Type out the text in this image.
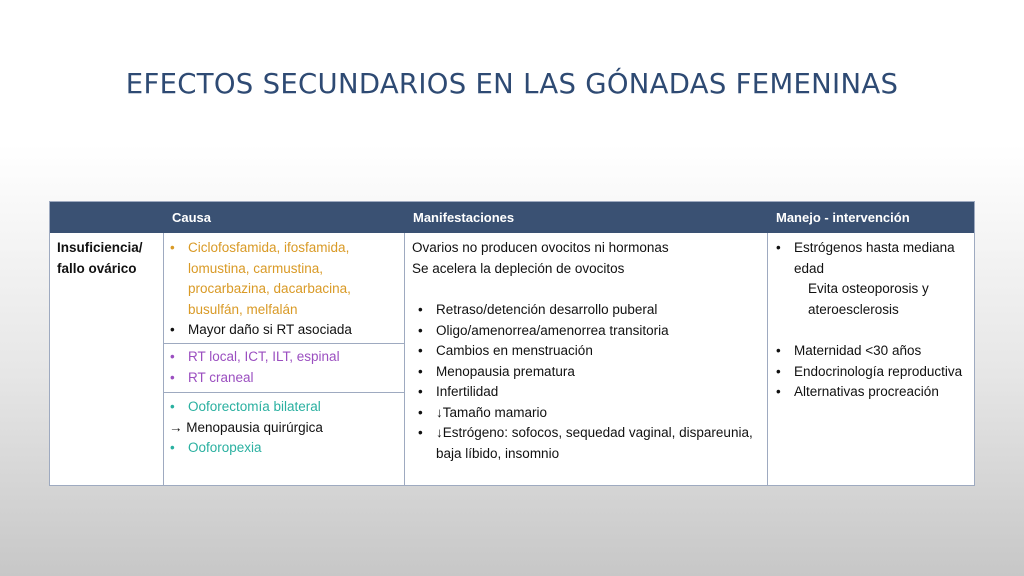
EFECTOS SECUNDARIOS EN LAS GÓNADAS FEMENINAS
Causa	Manifestaciones	Manejo - intervención
Insuficiencia/ fallo ovárico
• Ciclofosfamida, ifosfamida, lomustina, carmustina, procarbazina, dacarbacina, busulfán, melfalán
• Mayor daño si RT asociada
• RT local, ICT, ILT, espinal
• RT craneal
• Ooforectomía bilateral
→ Menopausia quirúrgica
• Ooforopexia
Ovarios no producen ovocitos ni hormonas
Se acelera la depleción de ovocitos
• Retraso/detención desarrollo puberal
• Oligo/amenorrea/amenorrea transitoria
• Cambios en menstruación
• Menopausia prematura
• Infertilidad
• ↓Tamaño mamario
• ↓Estrógeno: sofocos, sequedad vaginal, dispareunia, baja líbido, insomnio
• Estrógenos hasta mediana edad
Evita osteoporosis y ateroesclerosis
• Maternidad <30 años
• Endocrinología reproductiva
• Alternativas procreación
